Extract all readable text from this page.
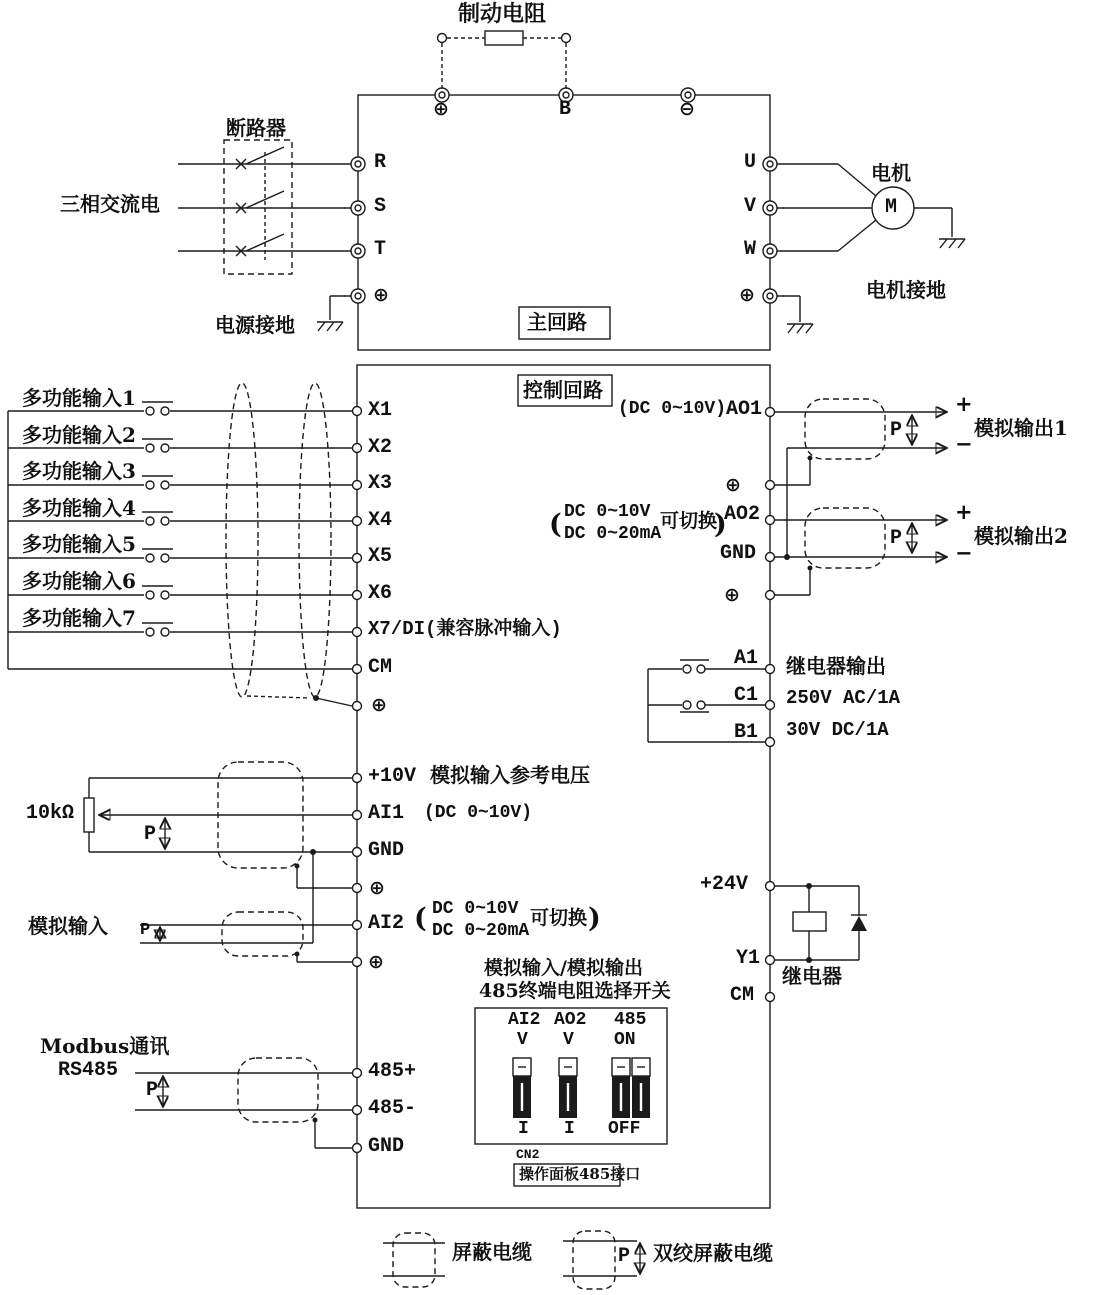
制动电阻
⊕	B	⊖
断路器
三相交流电
R
S
T
⊕
电源接地	主回路
U
V
W
⊕
电机
M
电机接地
控制回路
多功能输入1
多功能输入2
多功能输入3
多功能输入4
多功能输入5
多功能输入6
多功能输入7
X1
X2
X3
X4
X5
X6
X7/DI(兼容脉冲输入)
CM
⊕
10kΩ
P
+10V 模拟输入参考电压
AI1 (DC 0~10V)
GND
⊕
模拟输入 P	AI2 ( DC 0~10V
DC 0~20mA
可切换 )
⊕
(DC 0~10V) AO1	+
−
P	模拟输出1
⊕
( DC 0~10V
DC 0~20mA
可切换
)
AO2
GND
+
−
P	模拟输出2
⊕
A1
C1
B1
继电器输出
250V AC/1A
30V DC/1A
+24V
Y1
CM
继电器
模拟输入/模拟输出
485终端电阻选择开关
AI2 AO2 485
V V ON
I I OFF
CN2
操作面板485接口
Modbus通讯
RS485
P
485+
485-
GND
屏蔽电缆	P 双绞屏蔽电缆
